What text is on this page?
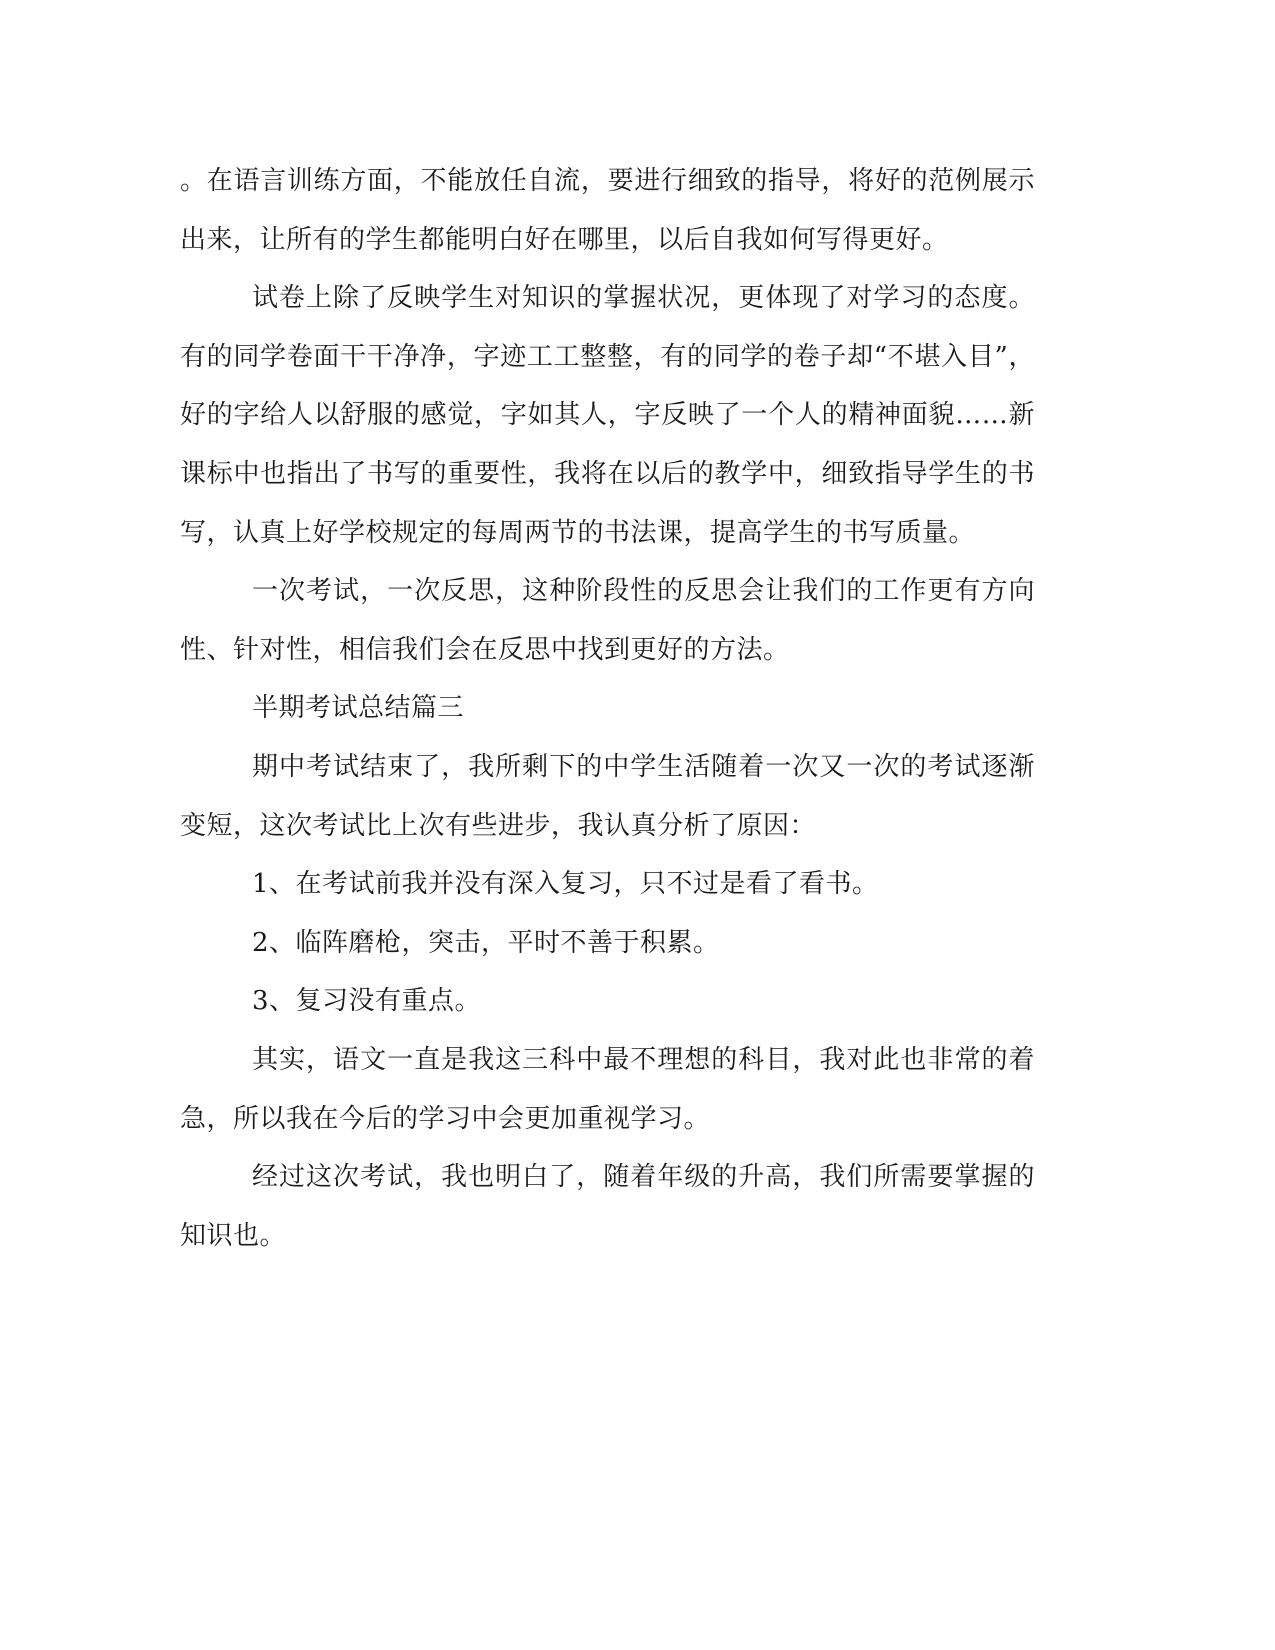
。在语言训练方面，不能放任自流，要进行细致的指导，将好的范例展示出来，让所有的学生都能明白好在哪里，以后自我如何写得更好。

试卷上除了反映学生对知识的掌握状况，更体现了对学习的态度。有的同学卷面干干净净，字迹工工整整，有的同学的卷子却“不堪入目”，好的字给人以舒服的感觉，字如其人，字反映了一个人的精神面貌……新课标中也指出了书写的重要性，我将在以后的教学中，细致指导学生的书写，认真上好学校规定的每周两节的书法课，提高学生的书写质量。

一次考试，一次反思，这种阶段性的反思会让我们的工作更有方向性、针对性，相信我们会在反思中找到更好的方法。

半期考试总结篇三

期中考试结束了，我所剩下的中学生活随着一次又一次的考试逐渐变短，这次考试比上次有些进步，我认真分析了原因：

1、在考试前我并没有深入复习，只不过是看了看书。

2、临阵磨枪，突击，平时不善于积累。

3、复习没有重点。

其实，语文一直是我这三科中最不理想的科目，我对此也非常的着急，所以我在今后的学习中会更加重视学习。

经过这次考试，我也明白了，随着年级的升高，我们所需要掌握的知识也。
